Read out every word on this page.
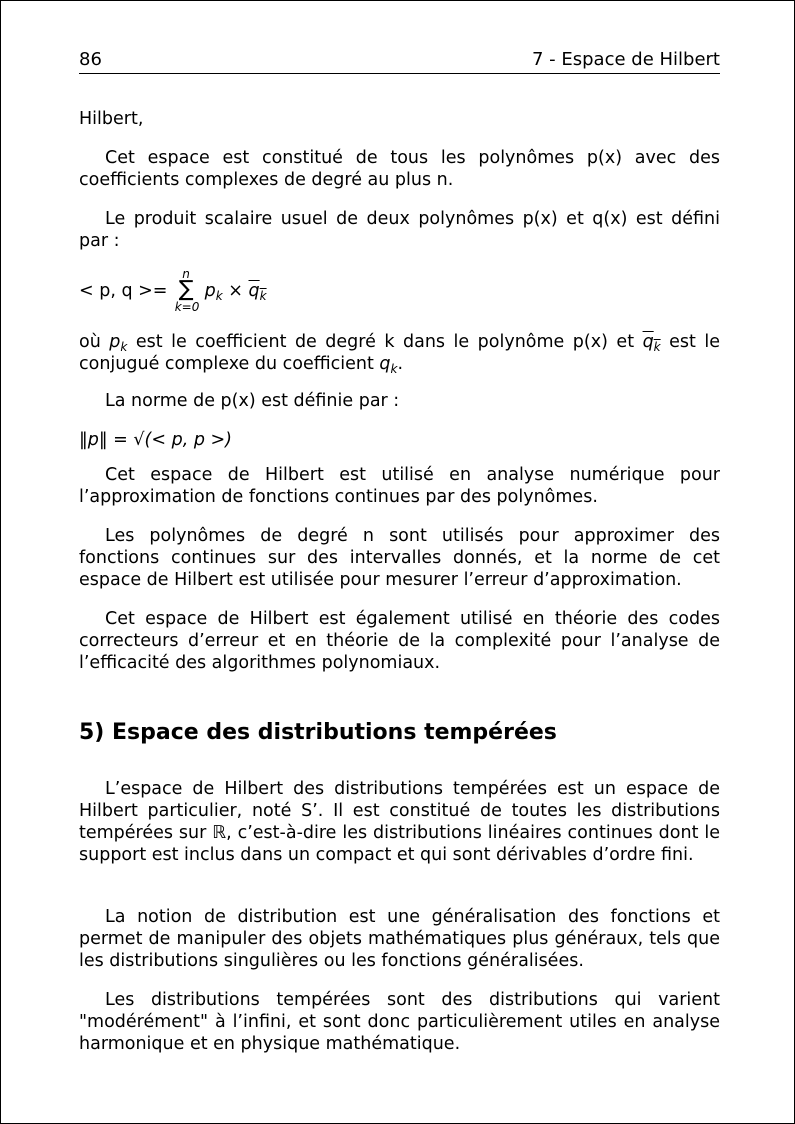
86	7 - Espace de Hilbert

Hilbert,

Cet espace est constitué de tous les polynômes p(x) avec des coefficients complexes de degré au plus n.

Le produit scalaire usuel de deux polynômes p(x) et q(x) est défini par :

< p, q >=
n
∑
k=0
$p_k \times q_k$

où $p_k$ est le coefficient de degré k dans le polynôme p(x) et $q_k$ est le conjugué complexe du coefficient $q_k$.

La norme de p(x) est définie par :

‖p‖ = √(< p, p >)

Cet espace de Hilbert est utilisé en analyse numérique pour l’approximation de fonctions continues par des polynômes.

Les polynômes de degré n sont utilisés pour approximer des fonctions continues sur des intervalles donnés, et la norme de cet espace de Hilbert est utilisée pour mesurer l’erreur d’approximation.

Cet espace de Hilbert est également utilisé en théorie des codes correcteurs d’erreur et en théorie de la complexité pour l’analyse de l’efficacité des algorithmes polynomiaux.

5) Espace des distributions tempérées

L’espace de Hilbert des distributions tempérées est un espace de Hilbert particulier, noté S’. Il est constitué de toutes les distributions tempérées sur ℝ, c’est-à-dire les distributions linéaires continues dont le support est inclus dans un compact et qui sont dérivables d’ordre fini.

La notion de distribution est une généralisation des fonctions et permet de manipuler des objets mathématiques plus généraux, tels que les distributions singulières ou les fonctions généralisées.

Les distributions tempérées sont des distributions qui varient "modérément" à l’infini, et sont donc particulièrement utiles en analyse harmonique et en physique mathématique.
